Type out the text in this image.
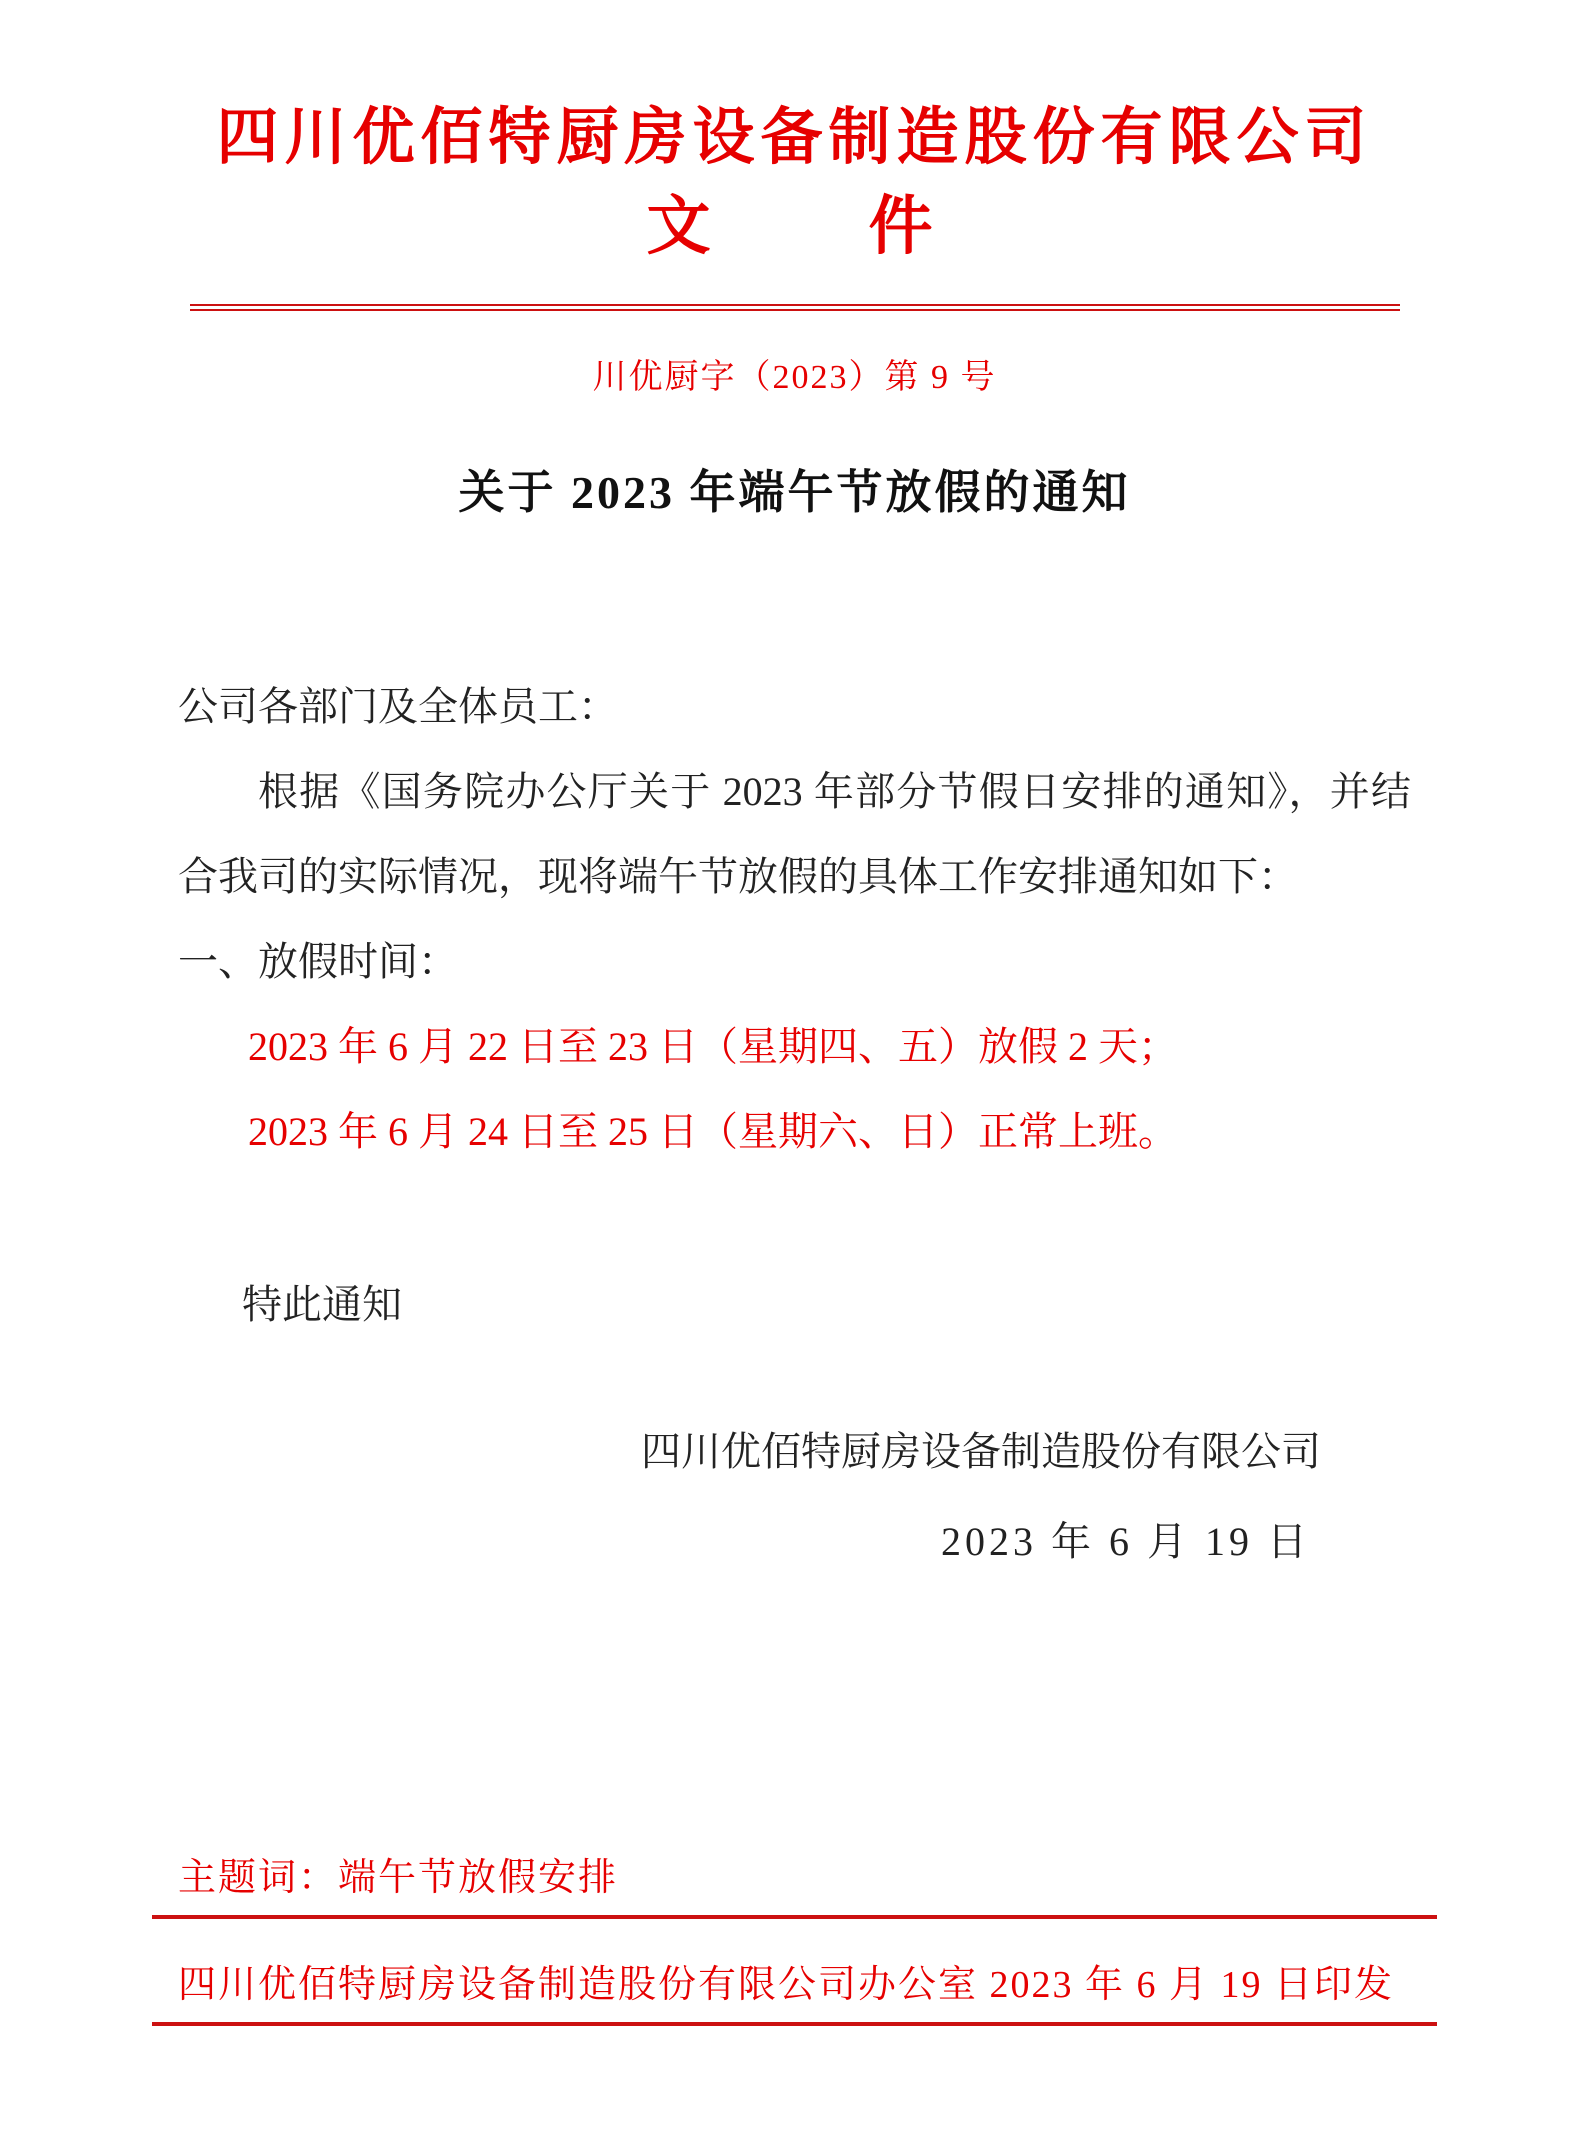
四川优佰特厨房设备制造股份有限公司
文　　件
川优厨字（2023）第 9 号
关于 2023 年端午节放假的通知
公司各部门及全体员工：
根据《国务院办公厅关于 2023 年部分节假日安排的通知》，并结合我司的实际情况，现将端午节放假的具体工作安排通知如下：
一、放假时间：
2023 年 6 月 22 日至 23 日（星期四、五）放假 2 天；
2023 年 6 月 24 日至 25 日（星期六、日）正常上班。
特此通知
四川优佰特厨房设备制造股份有限公司
2023 年 6 月 19 日
主题词：端午节放假安排
四川优佰特厨房设备制造股份有限公司办公室 2023 年 6 月 19 日印发
